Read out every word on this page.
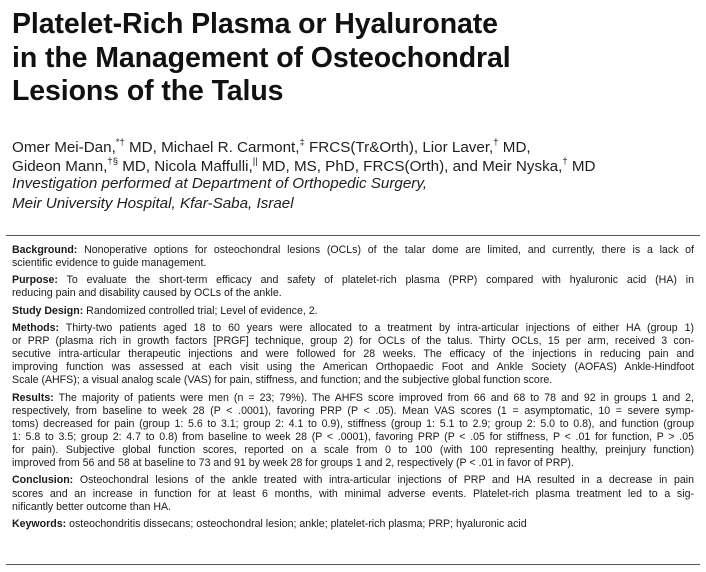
Platelet-Rich Plasma or Hyaluronate
in the Management of Osteochondral
Lesions of the Talus
Omer Mei-Dan,*† MD, Michael R. Carmont,‡ FRCS(Tr&Orth), Lior Laver,† MD,
Gideon Mann,†§ MD, Nicola Maffulli,|| MD, MS, PhD, FRCS(Orth), and Meir Nyska,† MD
Investigation performed at Department of Orthopedic Surgery,
Meir University Hospital, Kfar-Saba, Israel
Background: Nonoperative options for osteochondral lesions (OCLs) of the talar dome are limited, and currently, there is a lack of
scientific evidence to guide management.
Purpose: To evaluate the short-term efficacy and safety of platelet-rich plasma (PRP) compared with hyaluronic acid (HA) in
reducing pain and disability caused by OCLs of the ankle.
Study Design: Randomized controlled trial; Level of evidence, 2.
Methods: Thirty-two patients aged 18 to 60 years were allocated to a treatment by intra-articular injections of either HA (group 1)
or PRP (plasma rich in growth factors [PRGF] technique, group 2) for OCLs of the talus. Thirty OCLs, 15 per arm, received 3 con-
secutive intra-articular therapeutic injections and were followed for 28 weeks. The efficacy of the injections in reducing pain and
improving function was assessed at each visit using the American Orthopaedic Foot and Ankle Society (AOFAS) Ankle-Hindfoot
Scale (AHFS); a visual analog scale (VAS) for pain, stiffness, and function; and the subjective global function score.
Results: The majority of patients were men (n = 23; 79%). The AHFS score improved from 66 and 68 to 78 and 92 in groups 1 and 2,
respectively, from baseline to week 28 (P < .0001), favoring PRP (P < .05). Mean VAS scores (1 = asymptomatic, 10 = severe symp-
toms) decreased for pain (group 1: 5.6 to 3.1; group 2: 4.1 to 0.9), stiffness (group 1: 5.1 to 2.9; group 2: 5.0 to 0.8), and function (group
1: 5.8 to 3.5; group 2: 4.7 to 0.8) from baseline to week 28 (P < .0001), favoring PRP (P < .05 for stiffness, P < .01 for function, P > .05
for pain). Subjective global function scores, reported on a scale from 0 to 100 (with 100 representing healthy, preinjury function)
improved from 56 and 58 at baseline to 73 and 91 by week 28 for groups 1 and 2, respectively (P < .01 in favor of PRP).
Conclusion: Osteochondral lesions of the ankle treated with intra-articular injections of PRP and HA resulted in a decrease in pain
scores and an increase in function for at least 6 months, with minimal adverse events. Platelet-rich plasma treatment led to a sig-
nificantly better outcome than HA.
Keywords: osteochondritis dissecans; osteochondral lesion; ankle; platelet-rich plasma; PRP; hyaluronic acid
